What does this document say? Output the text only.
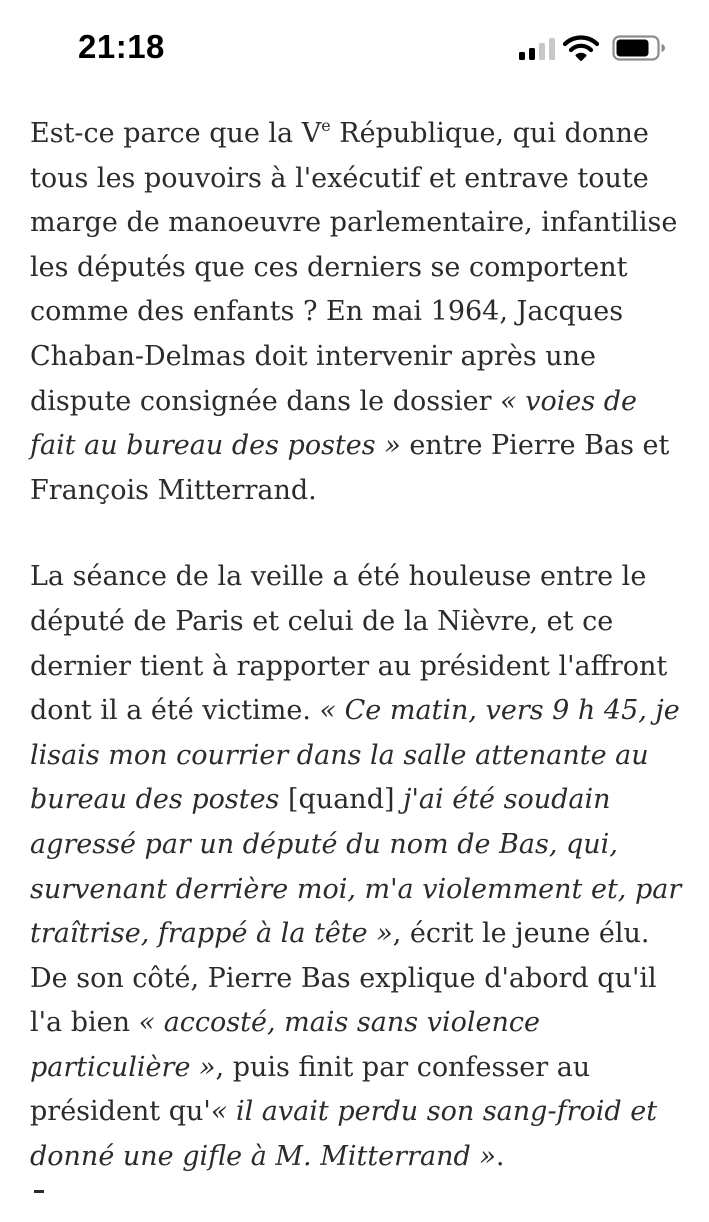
21:18

Est-ce parce que la Ve République, qui donne tous les pouvoirs à l'exécutif et entrave toute marge de manoeuvre parlementaire, infantilise les députés que ces derniers se comportent comme des enfants ? En mai 1964, Jacques Chaban-Delmas doit intervenir après une dispute consignée dans le dossier « voies de fait au bureau des postes » entre Pierre Bas et François Mitterrand.

La séance de la veille a été houleuse entre le député de Paris et celui de la Nièvre, et ce dernier tient à rapporter au président l'affront dont il a été victime. « Ce matin, vers 9 h 45, je lisais mon courrier dans la salle attenante au bureau des postes [quand] j'ai été soudain agressé par un député du nom de Bas, qui, survenant derrière moi, m'a violemment et, par traîtrise, frappé à la tête », écrit le jeune élu. De son côté, Pierre Bas explique d'abord qu'il l'a bien « accosté, mais sans violence particulière », puis finit par confesser au président qu'« il avait perdu son sang-froid et donné une gifle à M. Mitterrand ».
